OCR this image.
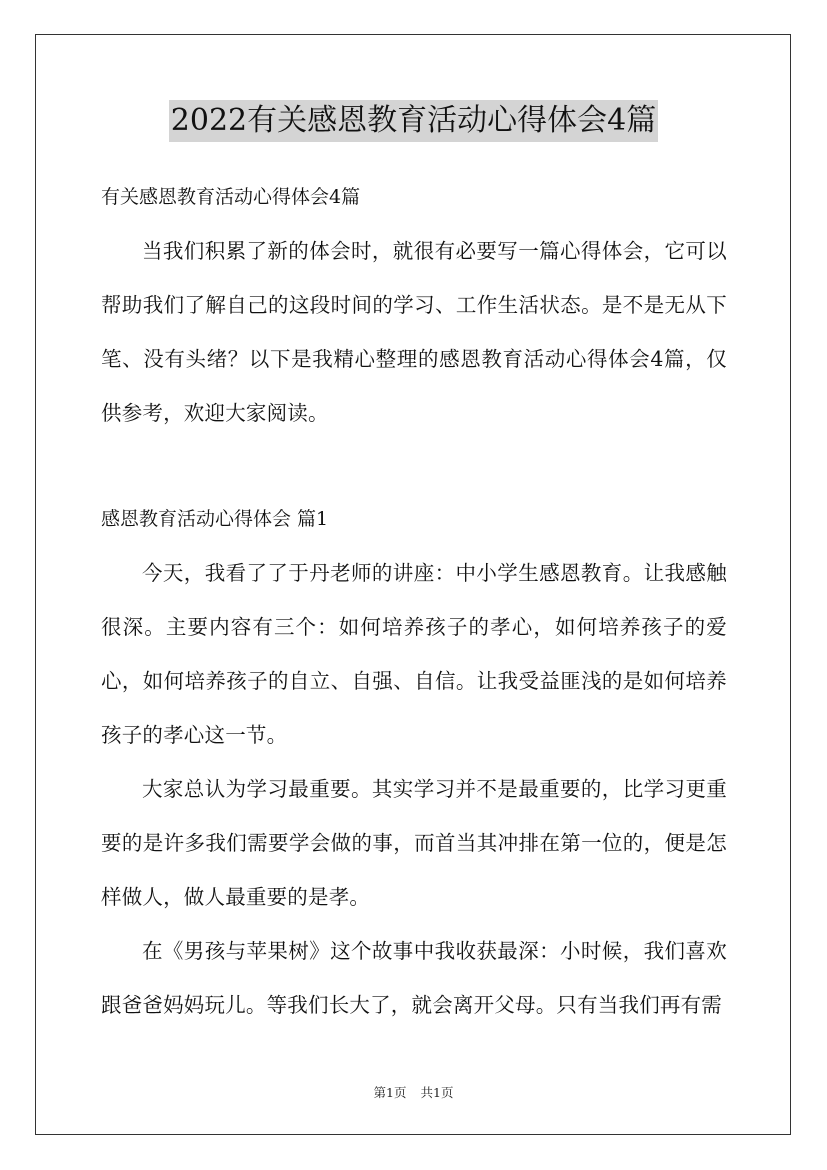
2022有关感恩教育活动心得体会4篇

有关感恩教育活动心得体会4篇

当我们积累了新的体会时，就很有必要写一篇心得体会，它可以帮助我们了解自己的这段时间的学习、工作生活状态。是不是无从下笔、没有头绪？以下是我精心整理的感恩教育活动心得体会4篇，仅供参考，欢迎大家阅读。

感恩教育活动心得体会 篇1

今天，我看了了于丹老师的讲座：中小学生感恩教育。让我感触很深。主要内容有三个：如何培养孩子的孝心，如何培养孩子的爱心，如何培养孩子的自立、自强、自信。让我受益匪浅的是如何培养孩子的孝心这一节。

大家总认为学习最重要。其实学习并不是最重要的，比学习更重要的是许多我们需要学会做的事，而首当其冲排在第一位的，便是怎样做人，做人最重要的是孝。

在《男孩与苹果树》这个故事中我收获最深：小时候，我们喜欢跟爸爸妈妈玩儿。等我们长大了，就会离开父母。只有当我们再有需

第1页 共1页
